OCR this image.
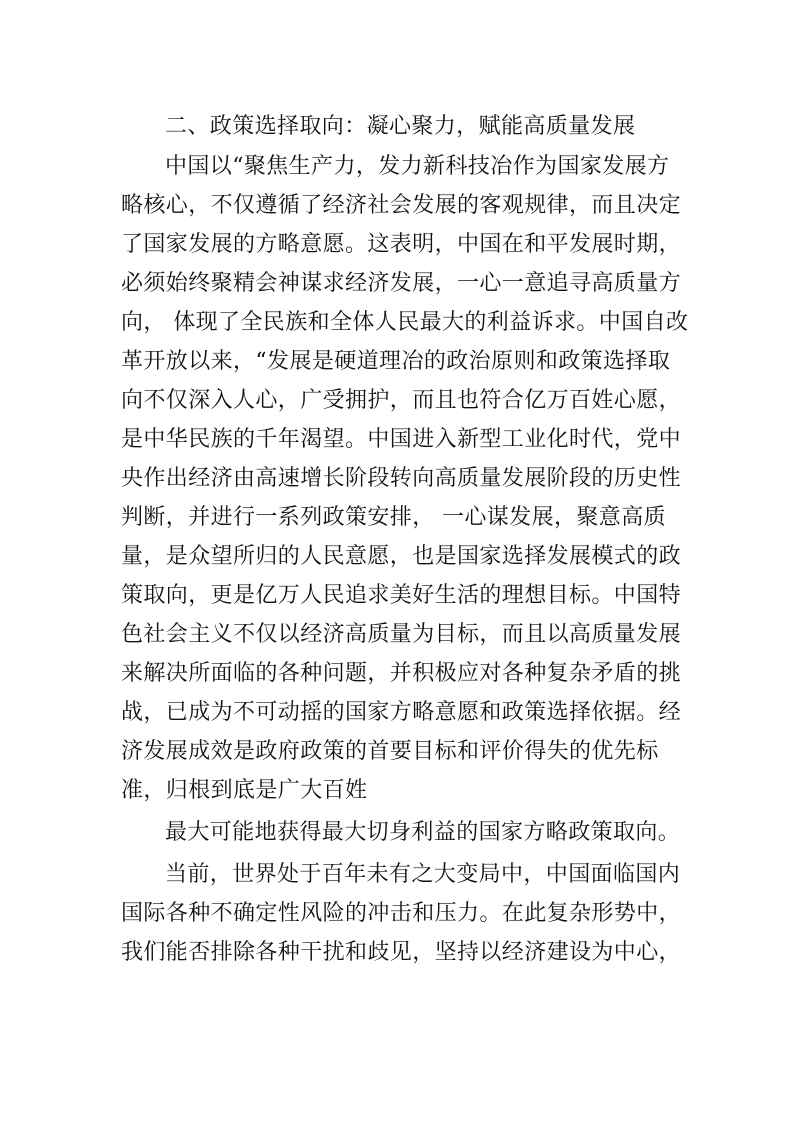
二、政策选择取向：凝心聚力，赋能高质量发展
中国以“聚焦生产力，发力新科技冶作为国家发展方
略核心，不仅遵循了经济社会发展的客观规律，而且决定
了国家发展的方略意愿。这表明，中国在和平发展时期，
必须始终聚精会神谋求经济发展，一心一意追寻高质量方
向， 体现了全民族和全体人民最大的利益诉求。中国自改
革开放以来，“发展是硬道理冶的政治原则和政策选择取
向不仅深入人心，广受拥护，而且也符合亿万百姓心愿，
是中华民族的千年渴望。中国进入新型工业化时代，党中
央作出经济由高速增长阶段转向高质量发展阶段的历史性
判断，并进行一系列政策安排， 一心谋发展，聚意高质
量，是众望所归的人民意愿，也是国家选择发展模式的政
策取向，更是亿万人民追求美好生活的理想目标。中国特
色社会主义不仅以经济高质量为目标，而且以高质量发展
来解决所面临的各种问题，并积极应对各种复杂矛盾的挑
战，已成为不可动摇的国家方略意愿和政策选择依据。经
济发展成效是政府政策的首要目标和评价得失的优先标
准，归根到底是广大百姓
最大可能地获得最大切身利益的国家方略政策取向。
当前，世界处于百年未有之大变局中，中国面临国内
国际各种不确定性风险的冲击和压力。在此复杂形势中，
我们能否排除各种干扰和歧见，坚持以经济建设为中心，
